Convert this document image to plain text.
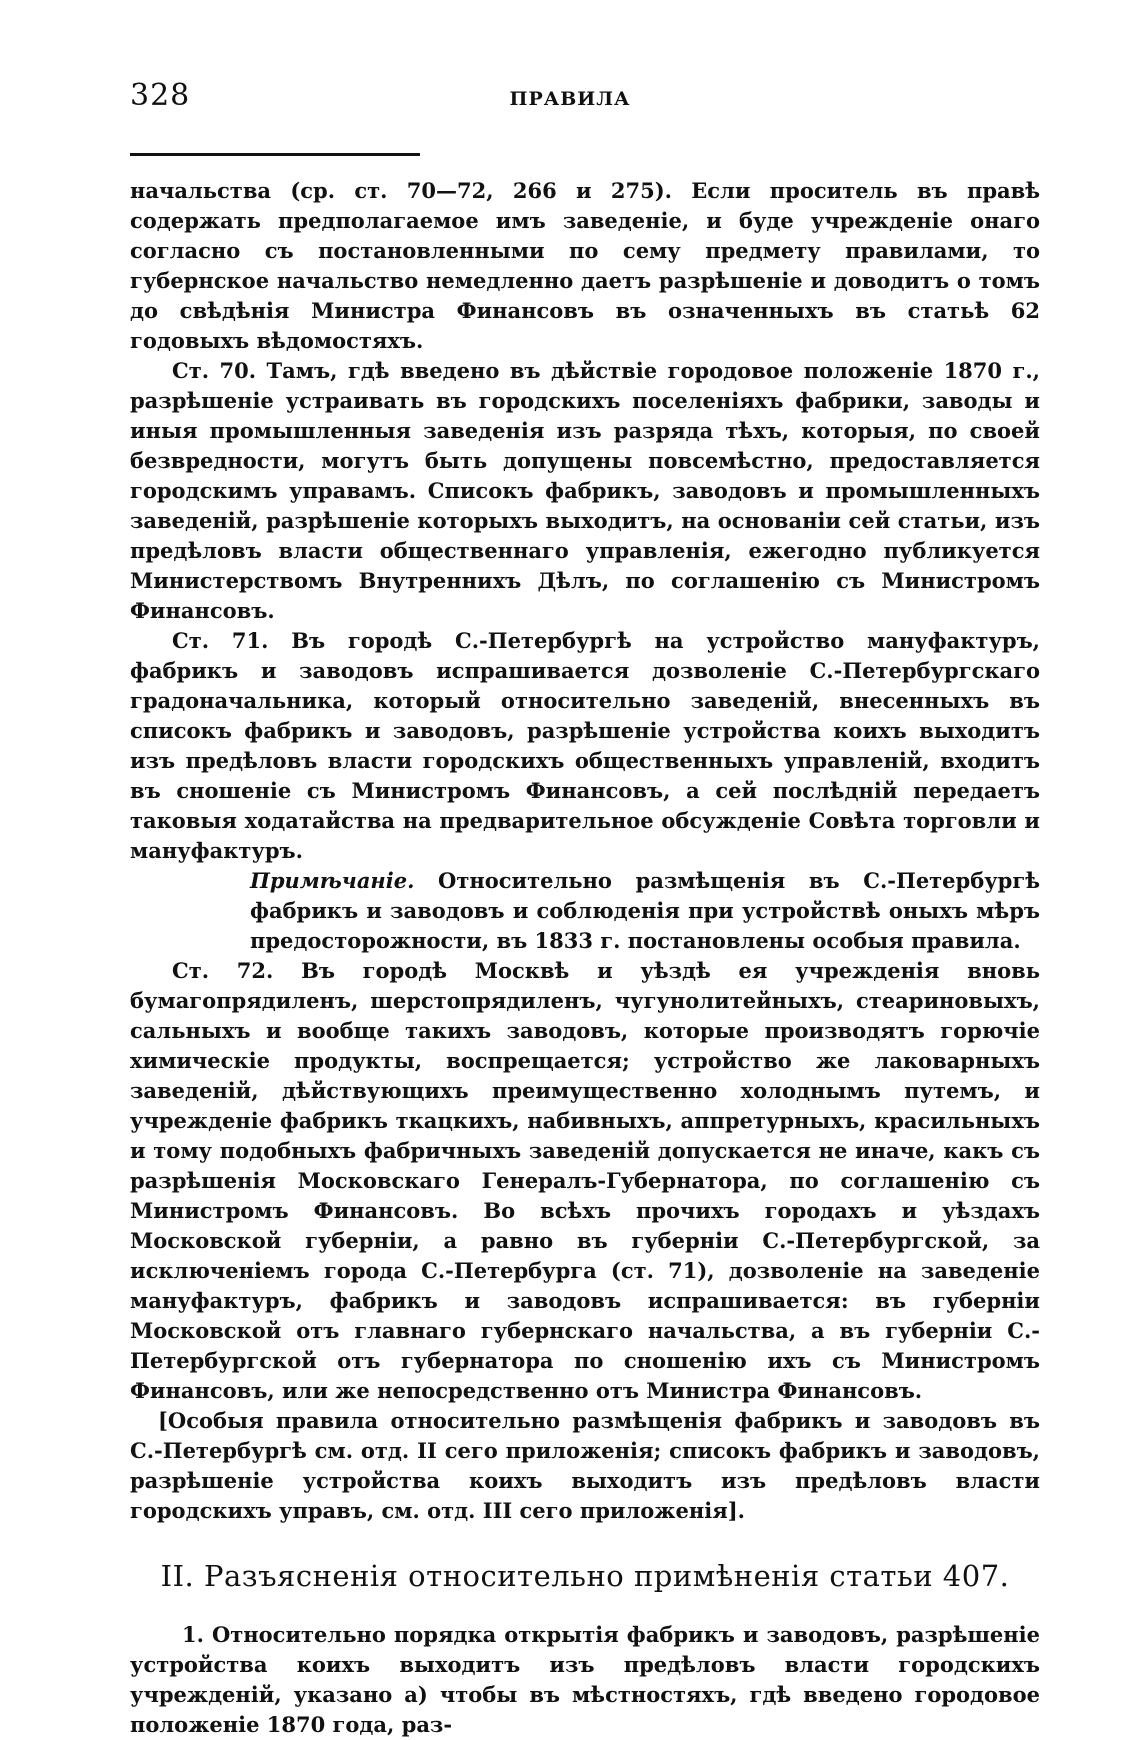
328	ПРАВИЛА

начальства (ср. ст. 70—72, 266 и 275). Если проситель въ правѣ содержать предполагаемое имъ заведеніе, и буде учрежденіе онаго согласно съ постановленными по сему предмету правилами, то губернское начальство немедленно даетъ разрѣшеніе и доводитъ о томъ до свѣдѣнія Министра Финансовъ въ означенныхъ въ статьѣ 62 годовыхъ вѣдомостяхъ.

Ст. 70. Тамъ, гдѣ введено въ дѣйствіе городовое положеніе 1870 г., разрѣшеніе устраивать въ городскихъ поселеніяхъ фабрики, заводы и иныя промышленныя заведенія изъ разряда тѣхъ, которыя, по своей безвредности, могутъ быть допущены повсемѣстно, предоставляется городскимъ управамъ. Списокъ фабрикъ, заводовъ и промышленныхъ заведеній, разрѣшеніе которыхъ выходитъ, на основаніи сей статьи, изъ предѣловъ власти общественнаго управленія, ежегодно публикуется Министерствомъ Внутреннихъ Дѣлъ, по соглашенію съ Министромъ Финансовъ.

Ст. 71. Въ городѣ С.-Петербургѣ на устройство мануфактуръ, фабрикъ и заводовъ испрашивается дозволеніе С.-Петербургскаго градоначальника, который относительно заведеній, внесенныхъ въ списокъ фабрикъ и заводовъ, разрѣшеніе устройства коихъ выходитъ изъ предѣловъ власти городскихъ общественныхъ управленій, входитъ въ сношеніе съ Министромъ Финансовъ, а сей послѣдній передаетъ таковыя ходатайства на предварительное обсужденіе Совѣта торговли и мануфактуръ.

Примѣчаніе. Относительно размѣщенія въ С.-Петербургѣ фабрикъ и заводовъ и соблюденія при устройствѣ оныхъ мѣръ предосторожности, въ 1833 г. постановлены особыя правила.

Ст. 72. Въ городѣ Москвѣ и уѣздѣ ея учрежденія вновь бумагопрядиленъ, шерстопрядиленъ, чугунолитейныхъ, стеариновыхъ, сальныхъ и вообще такихъ заводовъ, которые производятъ горючіе химическіе продукты, воспрещается; устройство же лаковарныхъ заведеній, дѣйствующихъ преимущественно холоднымъ путемъ, и учрежденіе фабрикъ ткацкихъ, набивныхъ, аппретурныхъ, красильныхъ и тому подобныхъ фабричныхъ заведеній допускается не иначе, какъ съ разрѣшенія Московскаго Генералъ-Губернатора, по соглашенію съ Министромъ Финансовъ. Во всѣхъ прочихъ городахъ и уѣздахъ Московской губерніи, а равно въ губерніи С.-Петербургской, за исключеніемъ города С.-Петербурга (ст. 71), дозволеніе на заведеніе мануфактуръ, фабрикъ и заводовъ испрашивается: въ губерніи Московской отъ главнаго губернскаго начальства, а въ губерніи С.-Петербургской отъ губернатора по сношенію ихъ съ Министромъ Финансовъ, или же непосредственно отъ Министра Финансовъ.

[Особыя правила относительно размѣщенія фабрикъ и заводовъ въ С.-Петербургѣ см. отд. II сего приложенія; списокъ фабрикъ и заводовъ, разрѣшеніе устройства коихъ выходитъ изъ предѣловъ власти городскихъ управъ, см. отд. III сего приложенія].

II. Разъясненія относительно примѣненія статьи 407.

1. Относительно порядка открытія фабрикъ и заводовъ, разрѣшеніе устройства коихъ выходитъ изъ предѣловъ власти городскихъ учрежденій, указано а) чтобы въ мѣстностяхъ, гдѣ введено городовое положеніе 1870 года, раз-
